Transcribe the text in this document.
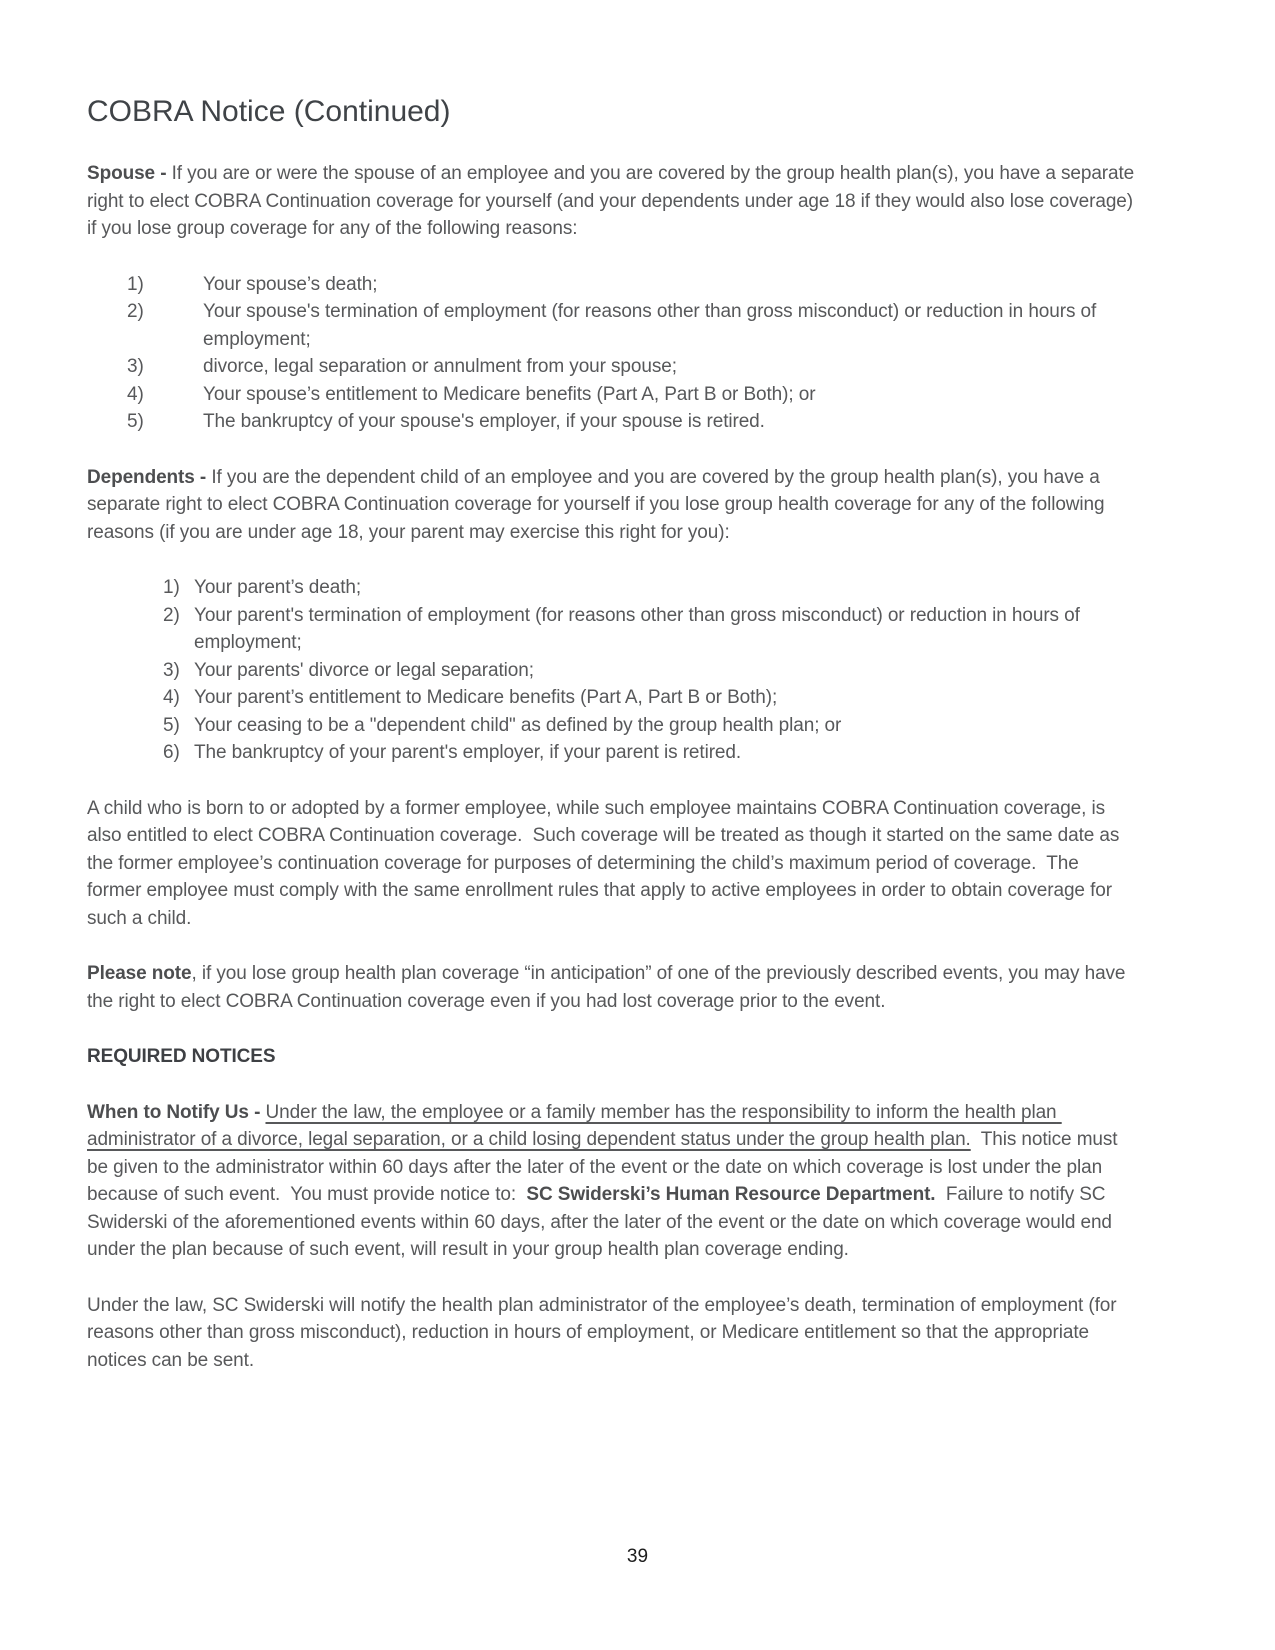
COBRA Notice (Continued)

Spouse - If you are or were the spouse of an employee and you are covered by the group health plan(s), you have a separate right to elect COBRA Continuation coverage for yourself (and your dependents under age 18 if they would also lose coverage) if you lose group coverage for any of the following reasons:

1)	Your spouse’s death;
2)	Your spouse's termination of employment (for reasons other than gross misconduct) or reduction in hours of employment;
3)	divorce, legal separation or annulment from your spouse;
4)	Your spouse’s entitlement to Medicare benefits (Part A, Part B or Both); or
5)	The bankruptcy of your spouse's employer, if your spouse is retired.

Dependents - If you are the dependent child of an employee and you are covered by the group health plan(s), you have a separate right to elect COBRA Continuation coverage for yourself if you lose group health coverage for any of the following reasons (if you are under age 18, your parent may exercise this right for you):

1) Your parent’s death;
2) Your parent's termination of employment (for reasons other than gross misconduct) or reduction in hours of employment;
3) Your parents' divorce or legal separation;
4) Your parent’s entitlement to Medicare benefits (Part A, Part B or Both);
5) Your ceasing to be a "dependent child" as defined by the group health plan; or
6) The bankruptcy of your parent's employer, if your parent is retired.

A child who is born to or adopted by a former employee, while such employee maintains COBRA Continuation coverage, is also entitled to elect COBRA Continuation coverage.  Such coverage will be treated as though it started on the same date as the former employee’s continuation coverage for purposes of determining the child’s maximum period of coverage.  The former employee must comply with the same enrollment rules that apply to active employees in order to obtain coverage for such a child.

Please note, if you lose group health plan coverage “in anticipation” of one of the previously described events, you may have the right to elect COBRA Continuation coverage even if you had lost coverage prior to the event.

REQUIRED NOTICES

When to Notify Us - Under the law, the employee or a family member has the responsibility to inform the health plan administrator of a divorce, legal separation, or a child losing dependent status under the group health plan.  This notice must be given to the administrator within 60 days after the later of the event or the date on which coverage is lost under the plan because of such event.  You must provide notice to:  SC Swiderski’s Human Resource Department.  Failure to notify SC Swiderski of the aforementioned events within 60 days, after the later of the event or the date on which coverage would end under the plan because of such event, will result in your group health plan coverage ending.

Under the law, SC Swiderski will notify the health plan administrator of the employee’s death, termination of employment (for reasons other than gross misconduct), reduction in hours of employment, or Medicare entitlement so that the appropriate notices can be sent.

39
